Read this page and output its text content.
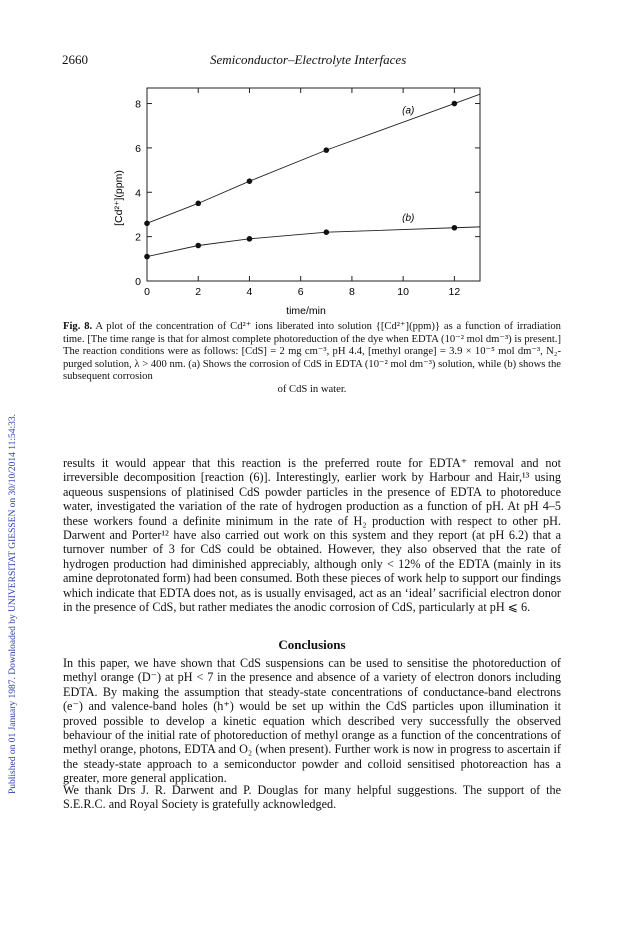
Published on 01 January 1987. Downloaded by UNIVERSITAT GIESSEN on 30/10/2014 11:54:33.
2660	Semiconductor–Electrolyte Interfaces
0	2	4	6	8	10	12
0
2
4
6
8
(a)
(b)
[Cd²⁺](ppm)
time/min
Fig. 8. A plot of the concentration of Cd²⁺ ions liberated into solution {[Cd²⁺](ppm)} as a function of irradiation time. [The time range is that for almost complete photoreduction of the dye when EDTA (10⁻² mol dm⁻³) is present.] The reaction conditions were as follows: [CdS] = 2 mg cm⁻³, pH 4.4, [methyl orange] = 3.9 × 10⁻⁵ mol dm⁻³, N₂-purged solution, λ > 400 nm. (a) Shows the corrosion of CdS in EDTA (10⁻² mol dm⁻³) solution, while (b) shows the subsequent corrosion
of CdS in water.
results it would appear that this reaction is the preferred route for EDTA⁺ removal and not irreversible decomposition [reaction (6)]. Interestingly, earlier work by Harbour and Hair,¹³ using aqueous suspensions of platinised CdS powder particles in the presence of EDTA to photoreduce water, investigated the variation of the rate of hydrogen production as a function of pH. At pH 4–5 these workers found a definite minimum in the rate of H₂ production with respect to other pH. Darwent and Porter¹² have also carried out work on this system and they report (at pH 6.2) that a turnover number of 3 for CdS could be obtained. However, they also observed that the rate of hydrogen production had diminished appreciably, although only < 12% of the EDTA (mainly in its amine deprotonated form) had been consumed. Both these pieces of work help to support our findings which indicate that EDTA does not, as is usually envisaged, act as an ‘ideal’ sacrificial electron donor in the presence of CdS, but rather mediates the anodic corrosion of CdS, particularly at pH ⩽ 6.
Conclusions
In this paper, we have shown that CdS suspensions can be used to sensitise the photoreduction of methyl orange (D⁻) at pH < 7 in the presence and absence of a variety of electron donors including EDTA. By making the assumption that steady-state concentrations of conductance-band electrons (e⁻) and valence-band holes (h⁺) would be set up within the CdS particles upon illumination it proved possible to develop a kinetic equation which described very successfully the observed behaviour of the initial rate of photoreduction of methyl orange as a function of the concentrations of methyl orange, photons, EDTA and O₂ (when present). Further work is now in progress to ascertain if the steady-state approach to a semiconductor powder and colloid sensitised photoreaction has a greater, more general application.
We thank Drs J. R. Darwent and P. Douglas for many helpful suggestions. The support of the S.E.R.C. and Royal Society is gratefully acknowledged.
